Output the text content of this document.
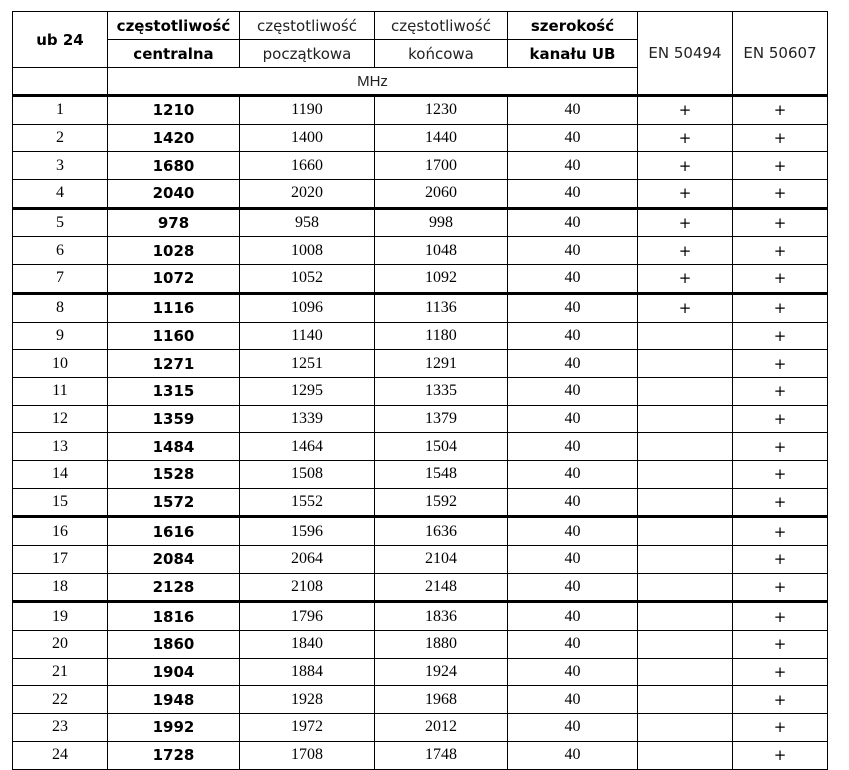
ub 24	częstotliwość	częstotliwość	częstotliwość	szerokość	EN 50494	EN 50607
	centralna	początkowa	końcowa	kanału UB		
	MHz					
1	1210	1190	1230	40	+	+
2	1420	1400	1440	40	+	+
3	1680	1660	1700	40	+	+
4	2040	2020	2060	40	+	+
5	978	958	998	40	+	+
6	1028	1008	1048	40	+	+
7	1072	1052	1092	40	+	+
8	1116	1096	1136	40	+	+
9	1160	1140	1180	40		+
10	1271	1251	1291	40		+
11	1315	1295	1335	40		+
12	1359	1339	1379	40		+
13	1484	1464	1504	40		+
14	1528	1508	1548	40		+
15	1572	1552	1592	40		+
16	1616	1596	1636	40		+
17	2084	2064	2104	40		+
18	2128	2108	2148	40		+
19	1816	1796	1836	40		+
20	1860	1840	1880	40		+
21	1904	1884	1924	40		+
22	1948	1928	1968	40		+
23	1992	1972	2012	40		+
24	1728	1708	1748	40		+
